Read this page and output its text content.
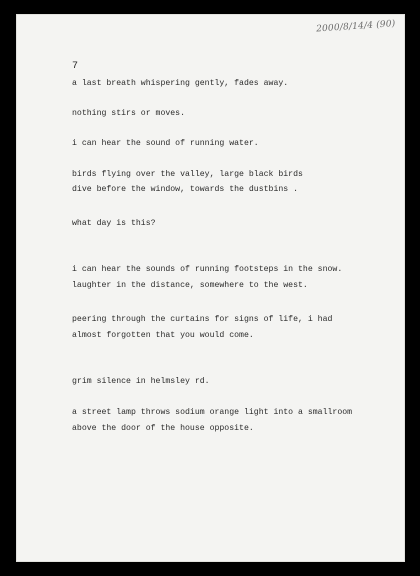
2000/8/14/4 (90)
7
a last breath whispering gently, fades away.
nothing stirs or moves.
i can hear the sound of running water.
birds flying over the valley, large black birds
dive before the window, towards the dustbins .
what day is this?
i can hear the sounds of running footsteps in the snow.
laughter in the distance, somewhere to the west.
peering through the curtains for signs of life, i had
almost forgotten that you would come.
grim silence in helmsley rd.
a street lamp throws sodium orange light into a smallroom
above the door of the house opposite.
